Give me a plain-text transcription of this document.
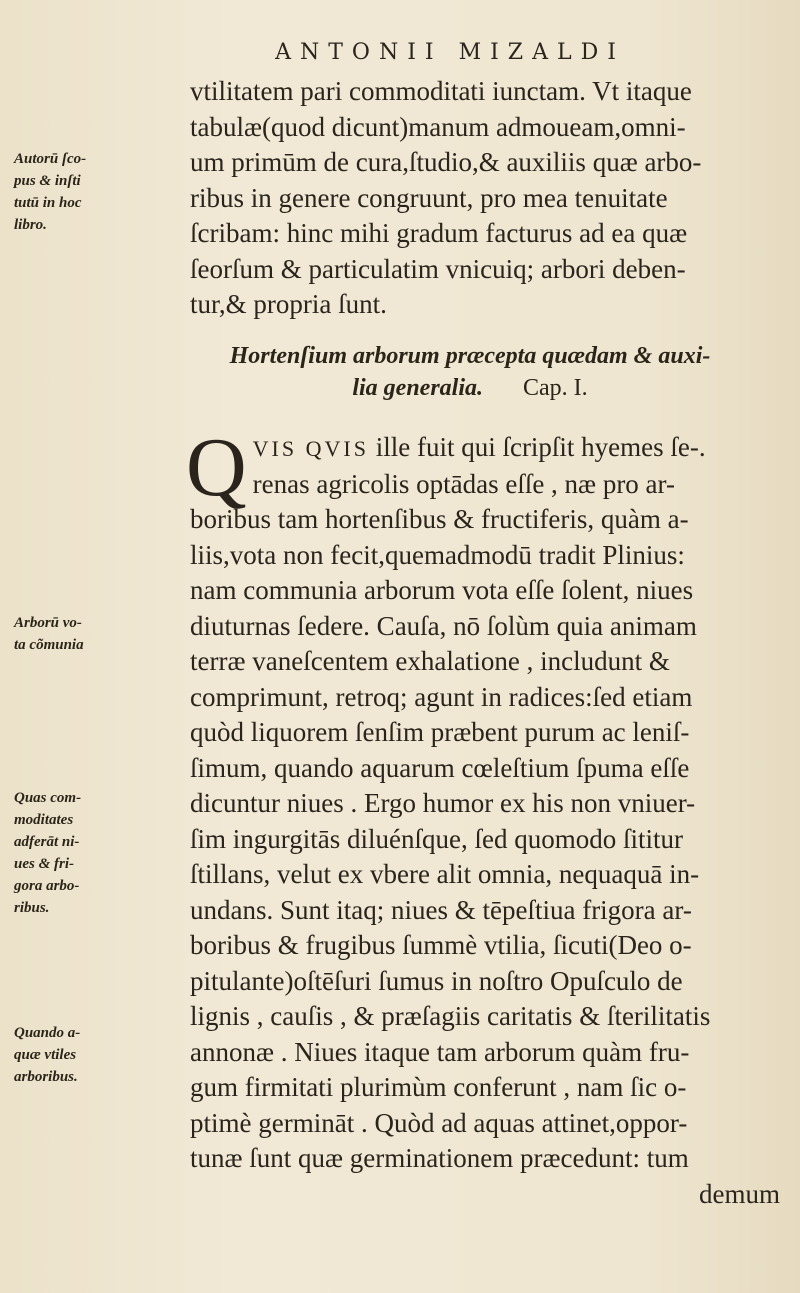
ANTONII MIZALDI
vtilitatem pari commoditati iunctam. Vt itaque
tabulæ(quod dicunt)manum admoueam,omni-
um primūm de cura,ſtudio,& auxiliis quæ arbo-
ribus in genere congruunt, pro mea tenuitate
ſcribam: hinc mihi gradum facturus ad ea quæ
ſeorſum & particulatim vnicuiq; arbori deben-
tur,& propria ſunt.
Autorū ſco-
pus & inſti
tutū in hoc
libro.
Hortenſium arborum præcepta quædam & auxi-
lia generalia. Cap. I.
Q VIS QVIS ille fuit qui ſcripſit hyemes ſe-.
renas agricolis optādas eſſe , næ pro ar-
boribus tam hortenſibus & fructiferis, quàm a-
liis,vota non fecit,quemadmodū tradit Plinius:
nam communia arborum vota eſſe ſolent, niues
diuturnas ſedere. Cauſa, nō ſolùm quia animam
terræ vaneſcentem exhalatione , includunt &
comprimunt, retroq; agunt in radices:ſed etiam
quòd liquorem ſenſim præbent purum ac leniſ-
ſimum, quando aquarum cœleſtium ſpuma eſſe
dicuntur niues . Ergo humor ex his non vniuer-
ſim ingurgitās diluénſque, ſed quomodo ſititur
ſtillans, velut ex vbere alit omnia, nequaquā in-
undans. Sunt itaq; niues & tēpeſtiua frigora ar-
boribus & frugibus ſummè vtilia, ſicuti(Deo o-
pitulante)oſtēſuri ſumus in noſtro Opuſculo de
lignis , cauſis , & præſagiis caritatis & ſterilitatis
annonæ . Niues itaque tam arborum quàm fru-
gum firmitati plurimùm conferunt , nam ſic o-
ptimè germināt . Quòd ad aquas attinet,oppor-
tunæ ſunt quæ germinationem præcedunt: tum
demum
Arborū vo-
ta cõmunia
Quas com-
moditates
adferāt ni-
ues & fri-
gora arbo-
ribus.
Quando a-
quæ vtiles
arboribus.
